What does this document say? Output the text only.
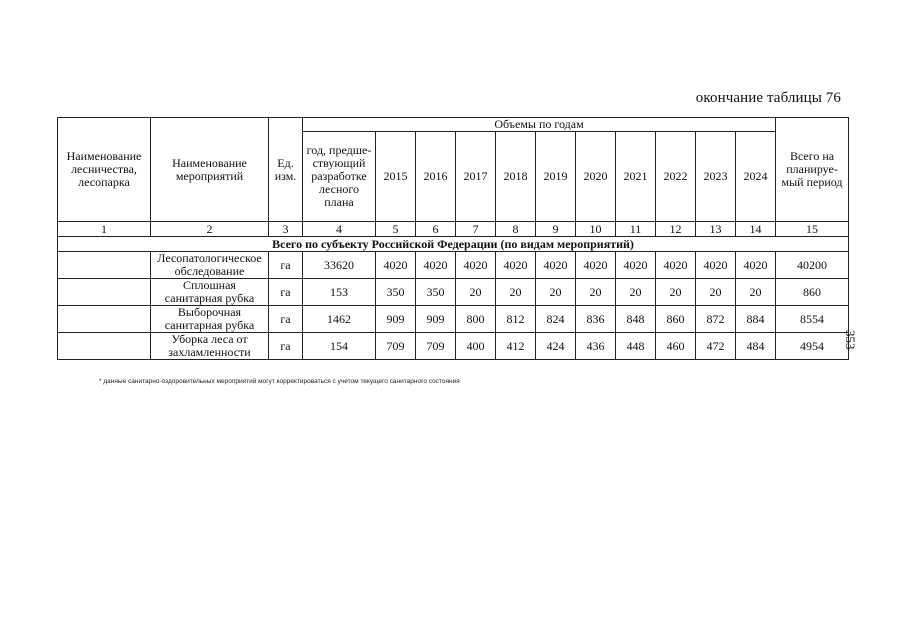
окончание таблицы 76
Наименование лесничества, лесопарка	Наименование мероприятий	Ед. изм.	Объемы по годам											Всего на планируе-мый период
			год, предше-ствующий разработке лесного плана	2015	2016	2017	2018	2019	2020	2021	2022	2023	2024	
1	2	3	4	5	6	7	8	9	10	11	12	13	14	15
Всего по субъекту Российской Федерации (по видам мероприятий)														
	Лесопатологическое обследование	га	33620	4020	4020	4020	4020	4020	4020	4020	4020	4020	4020	40200
	Сплошная санитарная рубка	га	153	350	350	20	20	20	20	20	20	20	20	860
	Выборочная санитарная рубка	га	1462	909	909	800	812	824	836	848	860	872	884	8554
	Уборка леса от захламленности	га	154	709	709	400	412	424	436	448	460	472	484	4954
* данные санитарно-оздоровительных мероприятий могут корректироваться с учетом текущего санитарного состояния
353
